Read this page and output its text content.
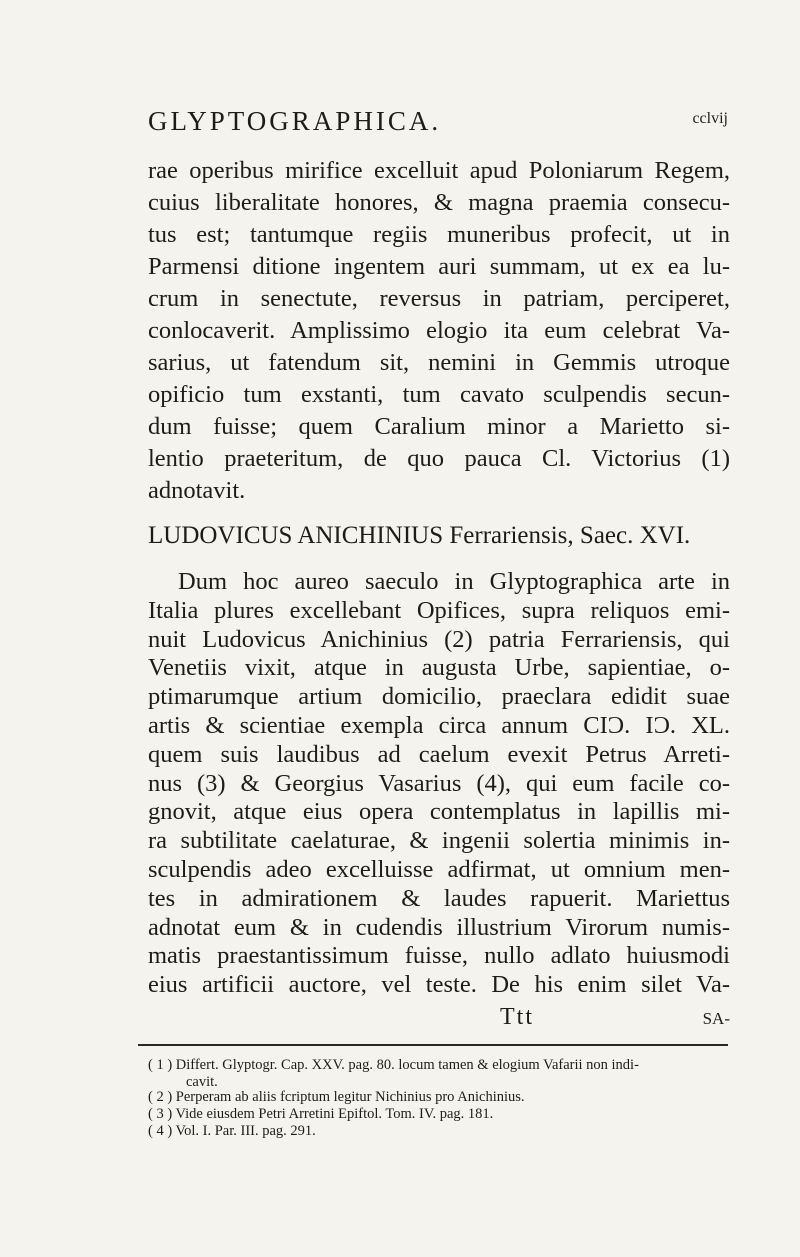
GLYPTOGRAPHICA.	cclvij
rae operibus mirifice excelluit apud Poloniarum Regem,
cuius liberalitate honores, & magna praemia consecu-
tus est; tantumque regiis muneribus profecit, ut in
Parmensi ditione ingentem auri summam, ut ex ea lu-
crum in senectute, reversus in patriam, perciperet,
conlocaverit. Amplissimo elogio ita eum celebrat Va-
sarius, ut fatendum sit, nemini in Gemmis utroque
opificio tum exstanti, tum cavato sculpendis secun-
dum fuisse; quem Caralium minor a Marietto si-
lentio praeteritum, de quo pauca Cl. Victorius (1)
adnotavit.
LUDOVICUS ANICHINIUS Ferrariensis, Saec. XVI.
Dum hoc aureo saeculo in Glyptographica arte in
Italia plures excellebant Opifices, supra reliquos emi-
nuit Ludovicus Anichinius (2) patria Ferrariensis, qui
Venetiis vixit, atque in augusta Urbe, sapientiae, o-
ptimarumque artium domicilio, praeclara edidit suae
artis & scientiae exempla circa annum CIƆ. IƆ. XL.
quem suis laudibus ad caelum evexit Petrus Arreti-
nus (3) & Georgius Vasarius (4), qui eum facile co-
gnovit, atque eius opera contemplatus in lapillis mi-
ra subtilitate caelaturae, & ingenii solertia minimis in-
sculpendis adeo excelluisse adfirmat, ut omnium men-
tes in admirationem & laudes rapuerit. Mariettus
adnotat eum & in cudendis illustrium Virorum numis-
matis praestantissimum fuisse, nullo adlato huiusmodi
Ttt	SA-
( 1 ) Differt. Glyptogr. Cap. XXV. pag. 80. locum tamen & elogium Vafarii non indi-
cavit.
( 2 ) Perperam ab aliis fcriptum legitur Nichinius pro Anichinius.
( 3 ) Vide eiusdem Petri Arretini Epiftol. Tom. IV. pag. 181.
( 4 ) Vol. I. Par. III. pag. 291.
eius artificii auctore, vel teste. De his enim silet Va-
